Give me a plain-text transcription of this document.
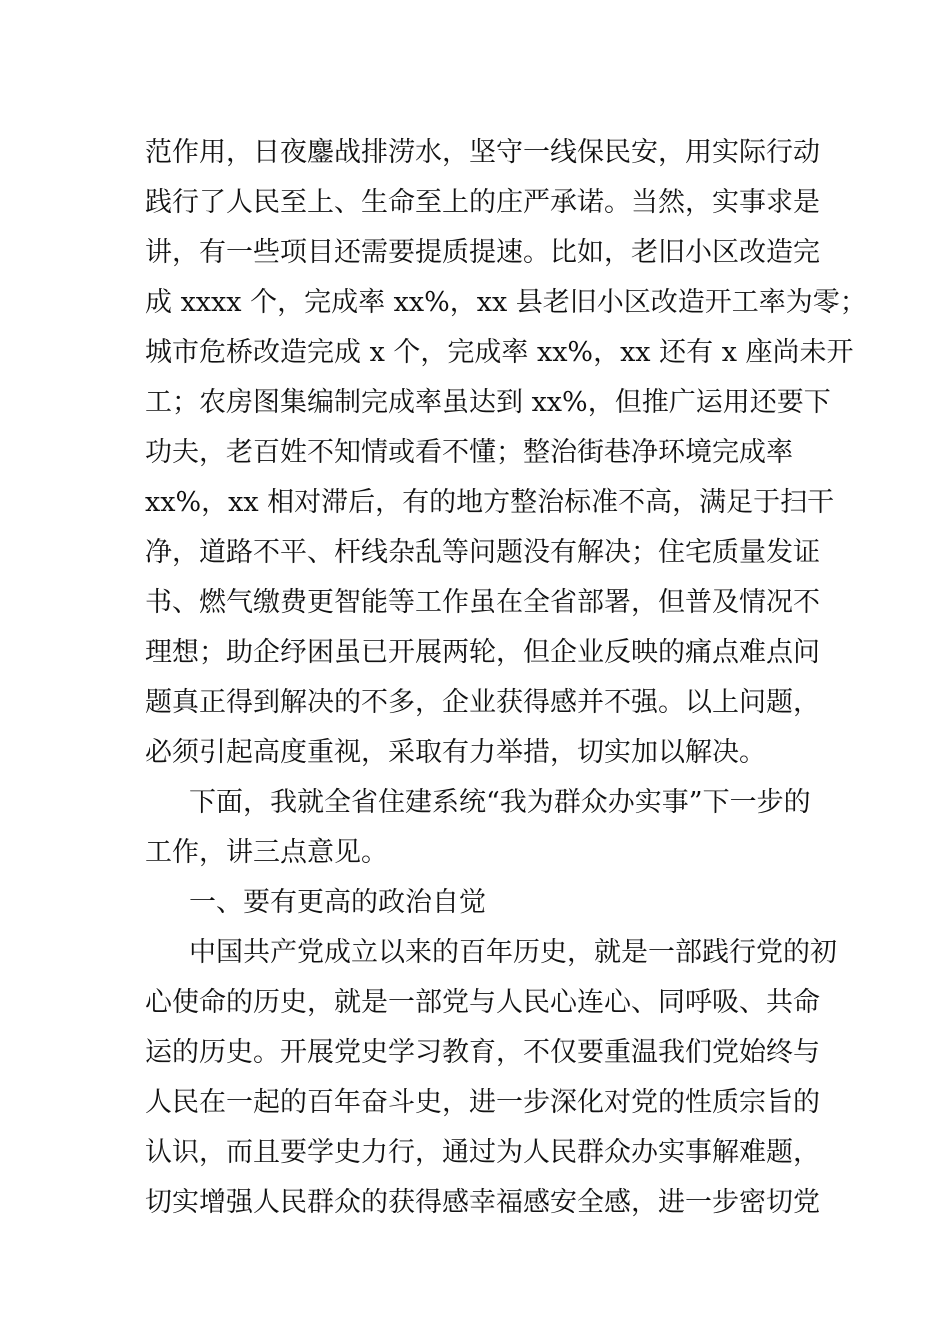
范作用，日夜鏖战排涝水，坚守一线保民安，用实际行动
践行了人民至上、生命至上的庄严承诺。当然，实事求是
讲，有一些项目还需要提质提速。比如，老旧小区改造完
成 xxxx 个，完成率 xx%，xx 县老旧小区改造开工率为零；
城市危桥改造完成 x 个，完成率 xx%，xx 还有 x 座尚未开
工；农房图集编制完成率虽达到 xx%，但推广运用还要下
功夫，老百姓不知情或看不懂；整治街巷净环境完成率
xx%，xx 相对滞后，有的地方整治标准不高，满足于扫干
净，道路不平、杆线杂乱等问题没有解决；住宅质量发证
书、燃气缴费更智能等工作虽在全省部署，但普及情况不
理想；助企纾困虽已开展两轮，但企业反映的痛点难点问
题真正得到解决的不多，企业获得感并不强。以上问题，
必须引起高度重视，采取有力举措，切实加以解决。
下面，我就全省住建系统“我为群众办实事”下一步的
工作，讲三点意见。
一、要有更高的政治自觉
中国共产党成立以来的百年历史，就是一部践行党的初
心使命的历史，就是一部党与人民心连心、同呼吸、共命
运的历史。开展党史学习教育，不仅要重温我们党始终与
人民在一起的百年奋斗史，进一步深化对党的性质宗旨的
认识，而且要学史力行，通过为人民群众办实事解难题，
切实增强人民群众的获得感幸福感安全感，进一步密切党
